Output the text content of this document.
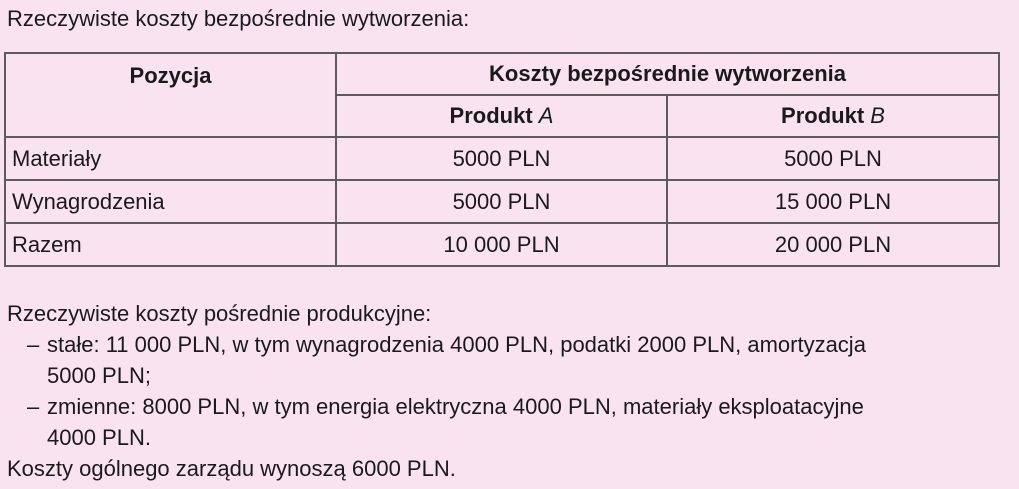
Rzeczywiste koszty bezpośrednie wytworzenia:
Pozycja	Koszty bezpośrednie wytworzenia	
	Produkt A	Produkt B
Materiały	5000 PLN	5000 PLN
Wynagrodzenia	5000 PLN	15 000 PLN
Razem	10 000 PLN	20 000 PLN
Rzeczywiste koszty pośrednie produkcyjne:
– stałe: 11 000 PLN, w tym wynagrodzenia 4000 PLN, podatki 2000 PLN, amortyzacja
5000 PLN;
– zmienne: 8000 PLN, w tym energia elektryczna 4000 PLN, materiały eksploatacyjne
4000 PLN.
Koszty ogólnego zarządu wynoszą 6000 PLN.
